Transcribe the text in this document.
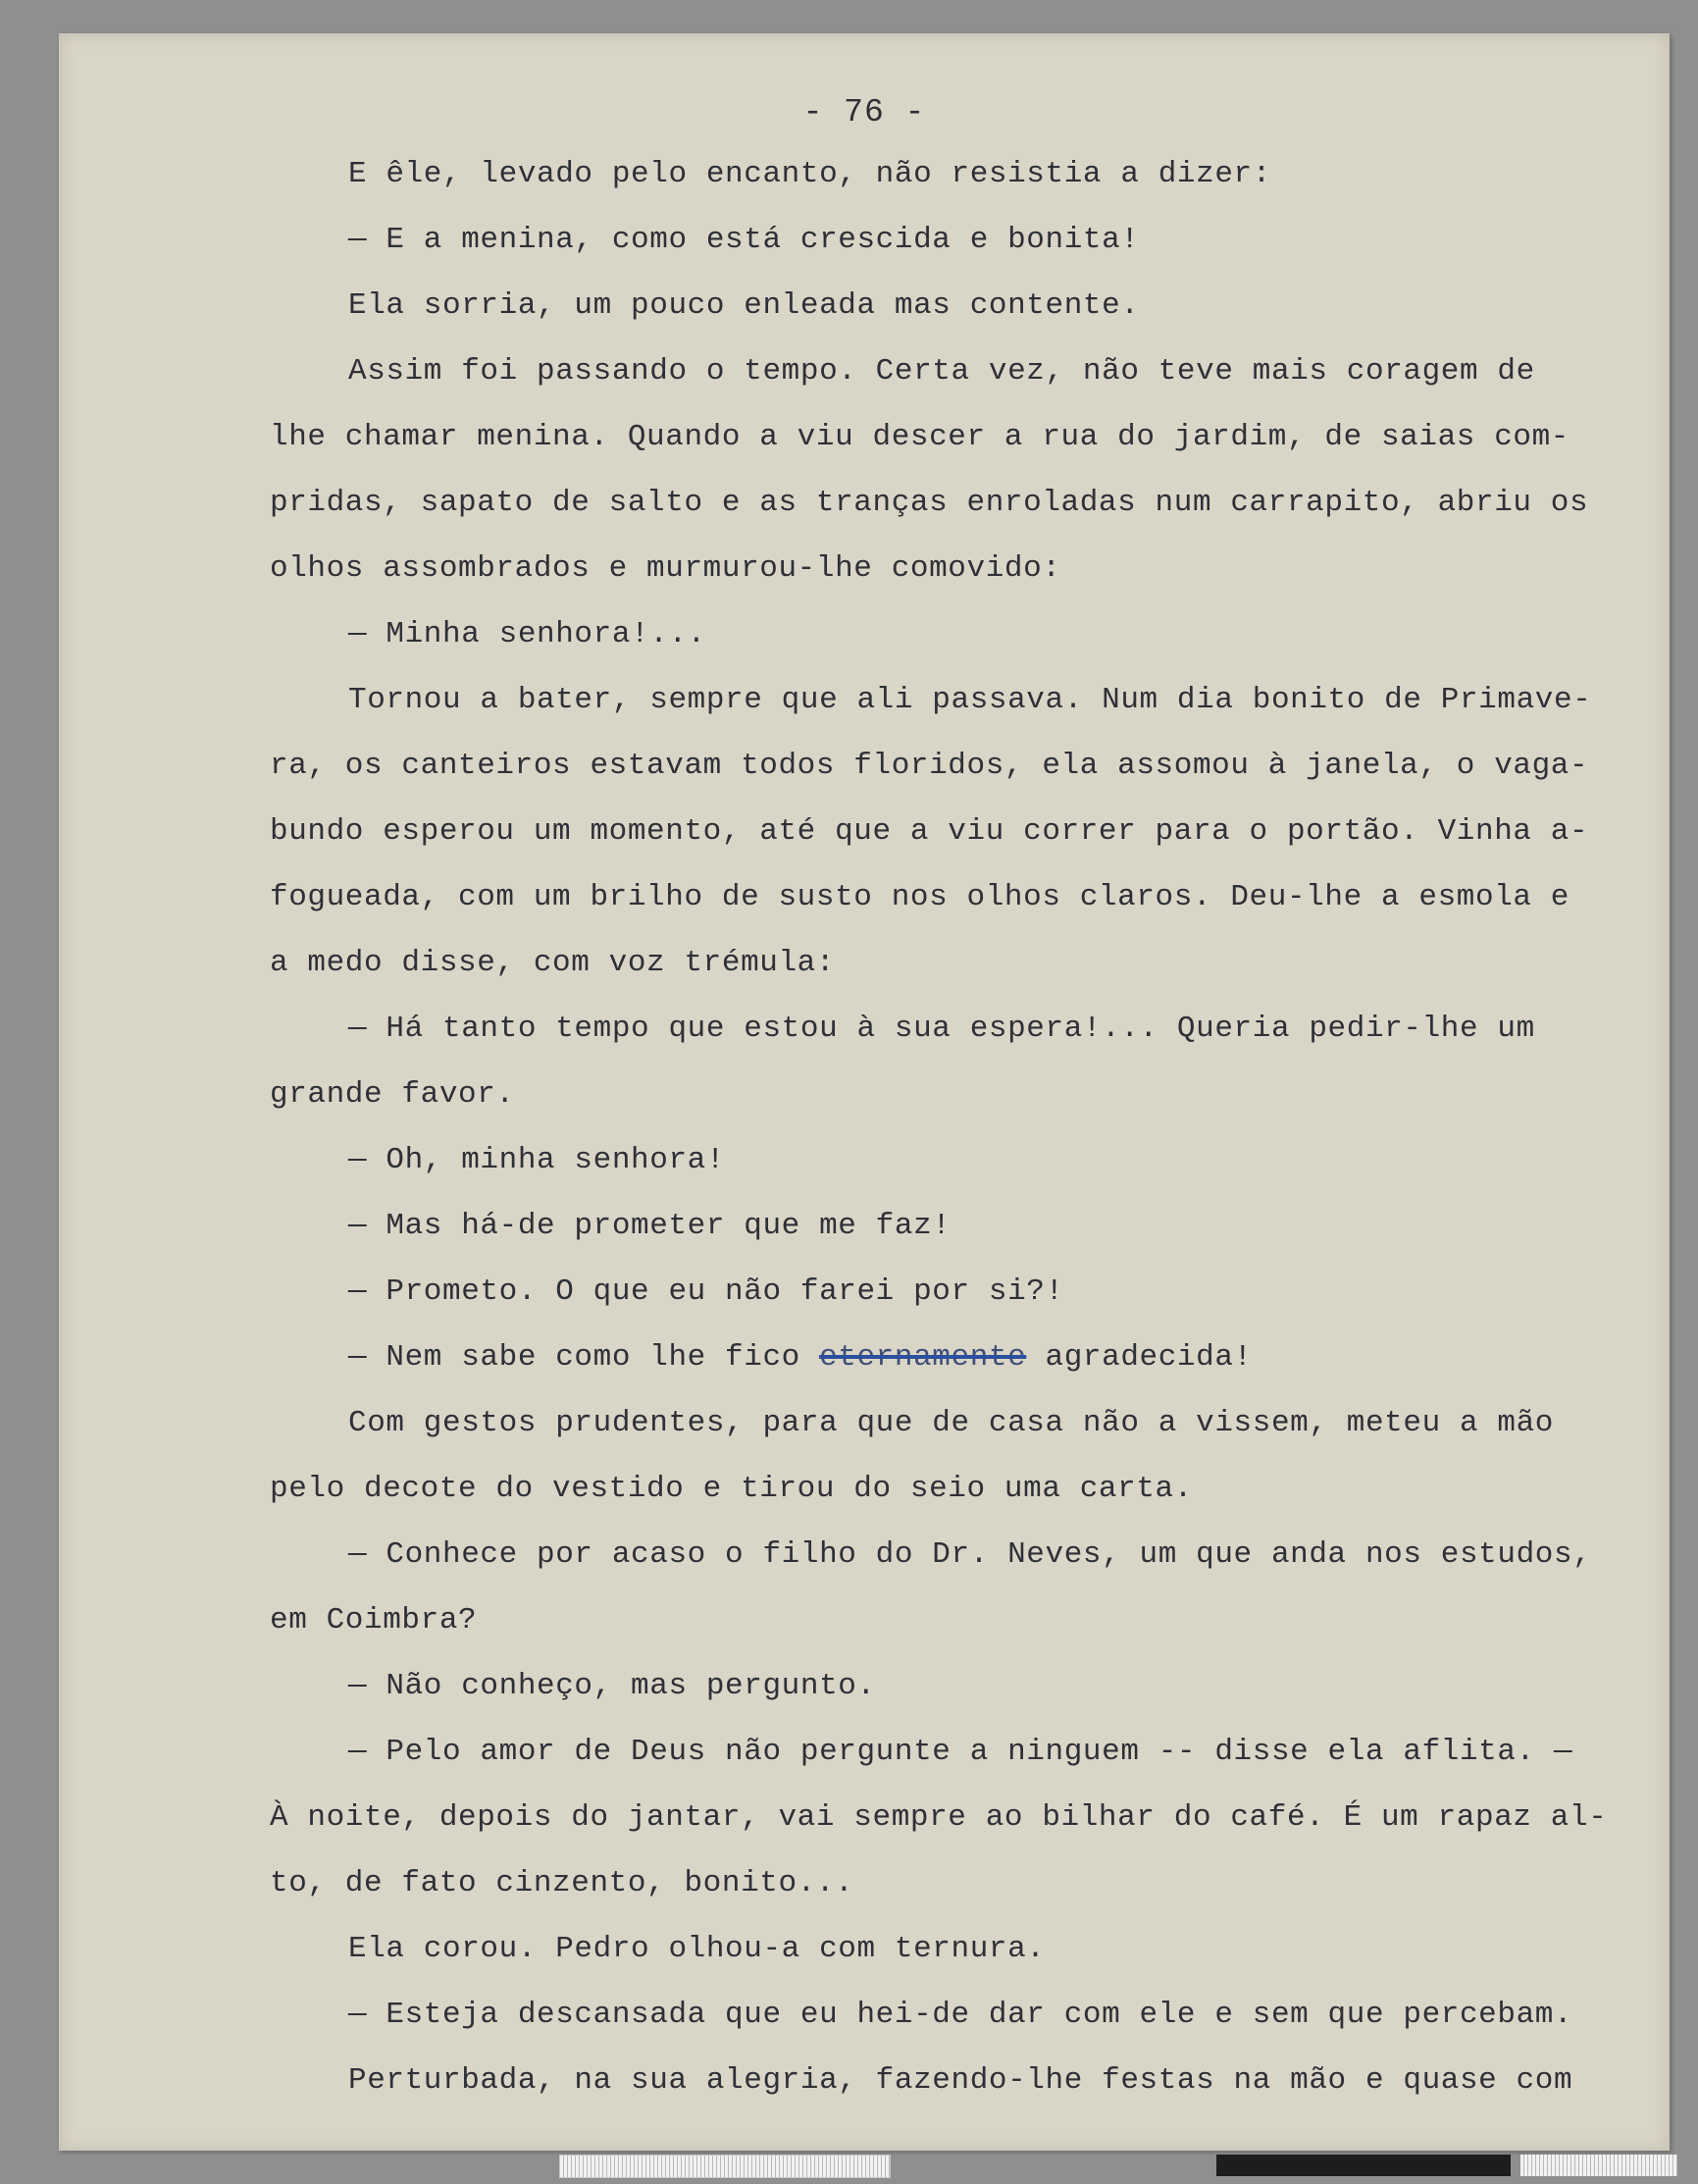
- 76 -

E êle, levado pelo encanto, não resistia a dizer:

— E a menina, como está crescida e bonita!

Ela sorria, um pouco enleada mas contente.

Assim foi passando o tempo. Certa vez, não teve mais coragem de

lhe chamar menina. Quando a viu descer a rua do jardim, de saias com-

pridas, sapato de salto e as tranças enroladas num carrapito, abriu os

olhos assombrados e murmurou-lhe comovido:

— Minha senhora!...

Tornou a bater, sempre que ali passava. Num dia bonito de Primave-

ra, os canteiros estavam todos floridos, ela assomou à janela, o vaga-

bundo esperou um momento, até que a viu correr para o portão. Vinha a-

fogueada, com um brilho de susto nos olhos claros. Deu-lhe a esmola e

a medo disse, com voz trémula:

— Há tanto tempo que estou à sua espera!... Queria pedir-lhe um

grande favor.

— Oh, minha senhora!

— Mas há-de prometer que me faz!

— Prometo. O que eu não farei por si?!

— Nem sabe como lhe fico eternamente agradecida!

Com gestos prudentes, para que de casa não a vissem, meteu a mão

pelo decote do vestido e tirou do seio uma carta.

— Conhece por acaso o filho do Dr. Neves, um que anda nos estudos,

em Coimbra?

— Não conheço, mas pergunto.

— Pelo amor de Deus não pergunte a ninguem -- disse ela aflita. —

À noite, depois do jantar, vai sempre ao bilhar do café. É um rapaz al-

to, de fato cinzento, bonito...

Ela corou. Pedro olhou-a com ternura.

— Esteja descansada que eu hei-de dar com ele e sem que percebam.

Perturbada, na sua alegria, fazendo-lhe festas na mão e quase com
